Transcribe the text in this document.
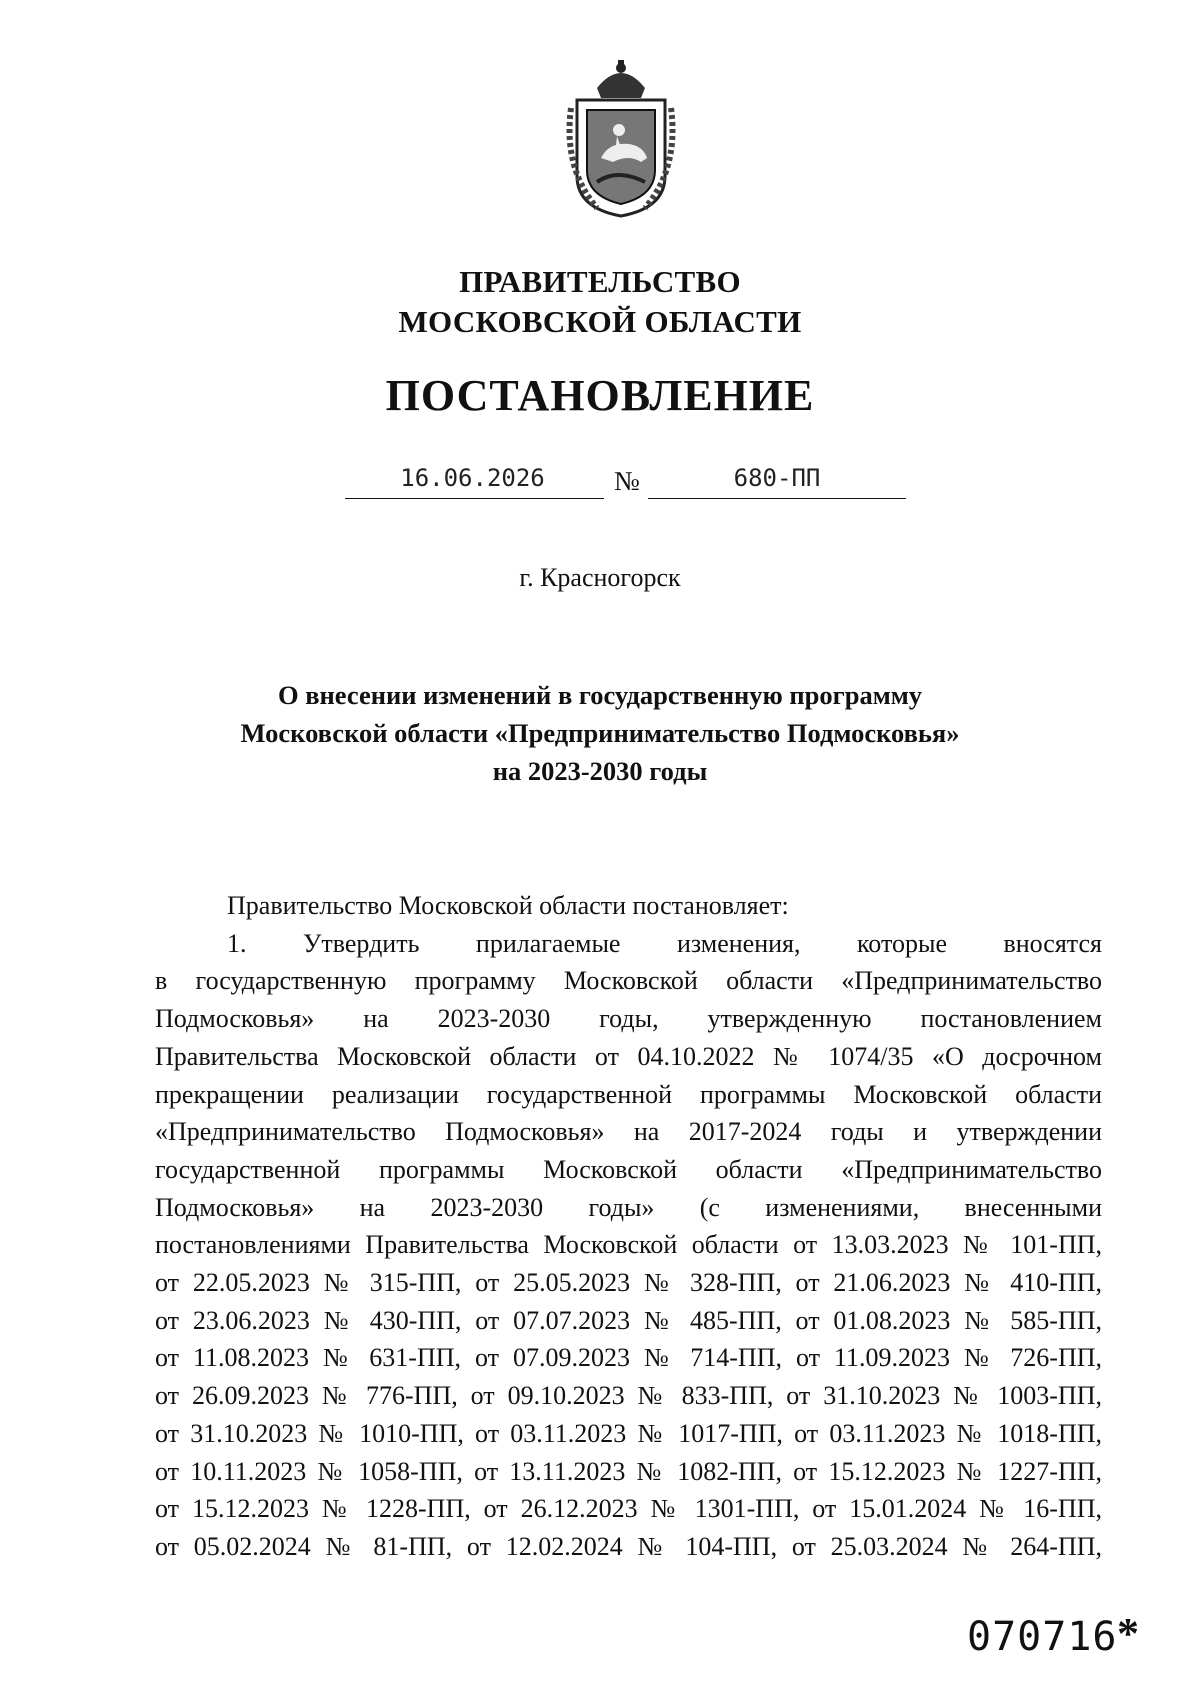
ПРАВИТЕЛЬСТВО
МОСКОВСКОЙ ОБЛАСТИ
ПОСТАНОВЛЕНИЕ
16.06.2026	№	680-ПП
г. Красногорск
О внесении изменений в государственную программу
Московской области «Предпринимательство Подмосковья»
на 2023-2030 годы

Правительство Московской области постановляет:

1. Утвердить прилагаемые изменения, которые вносятся
в государственную программу Московской области «Предпринимательство
Подмосковья» на 2023-2030 годы, утвержденную постановлением
Правительства Московской области от 04.10.2022 № 1074/35 «О досрочном
прекращении реализации государственной программы Московской области
«Предпринимательство Подмосковья» на 2017-2024 годы и утверждении
государственной программы Московской области «Предпринимательство
Подмосковья» на 2023-2030 годы» (с изменениями, внесенными
постановлениями Правительства Московской области от 13.03.2023 № 101-ПП,
от 22.05.2023 № 315-ПП, от 25.05.2023 № 328-ПП, от 21.06.2023 № 410-ПП,
от 23.06.2023 № 430-ПП, от 07.07.2023 № 485-ПП, от 01.08.2023 № 585-ПП,
от 11.08.2023 № 631-ПП, от 07.09.2023 № 714-ПП, от 11.09.2023 № 726-ПП,
от 26.09.2023 № 776-ПП, от 09.10.2023 № 833-ПП, от 31.10.2023 № 1003-ПП,
от 31.10.2023 № 1010-ПП, от 03.11.2023 № 1017-ПП, от 03.11.2023 № 1018-ПП,
от 10.11.2023 № 1058-ПП, от 13.11.2023 № 1082-ПП, от 15.12.2023 № 1227-ПП,
от 15.12.2023 № 1228-ПП, от 26.12.2023 № 1301-ПП, от 15.01.2024 № 16-ПП,
от 05.02.2024 № 81-ПП, от 12.02.2024 № 104-ПП, от 25.03.2024 № 264-ПП,

070716 *
